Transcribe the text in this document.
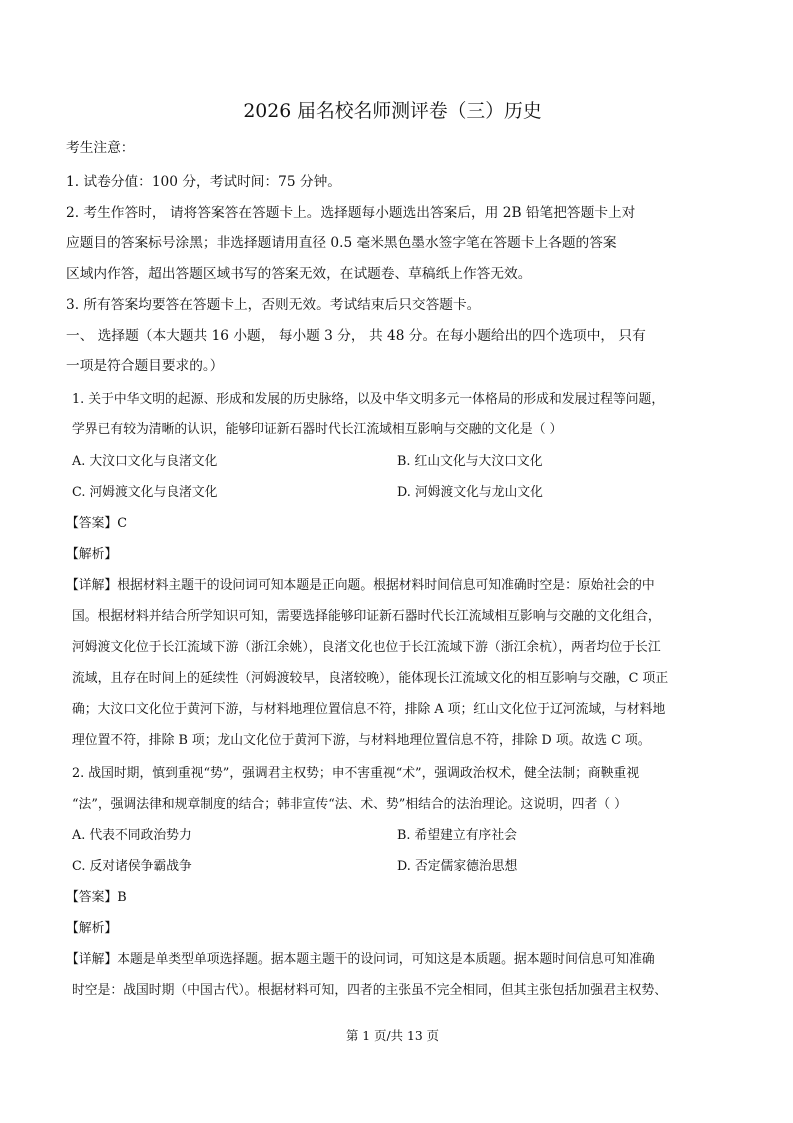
2026 届名校名师测评卷（三）历史
考生注意：
1. 试卷分值：100 分，考试时间：75 分钟。
2. 考生作答时， 请将答案答在答题卡上。选择题每小题选出答案后，用 2B 铅笔把答题卡上对
应题目的答案标号涂黑；非选择题请用直径 0.5 毫米黑色墨水签字笔在答题卡上各题的答案
区域内作答，超出答题区域书写的答案无效，在试题卷、草稿纸上作答无效。
3. 所有答案均要答在答题卡上，否则无效。考试结束后只交答题卡。
一、 选择题（本大题共 16 小题， 每小题 3 分， 共 48 分。在每小题给出的四个选项中， 只有
一项是符合题目要求的。）
1. 关于中华文明的起源、形成和发展的历史脉络，以及中华文明多元一体格局的形成和发展过程等问题，
学界已有较为清晰的认识，能够印证新石器时代长江流域相互影响与交融的文化是（ ）
A. 大汶口文化与良渚文化	B. 红山文化与大汶口文化
C. 河姆渡文化与良渚文化	D. 河姆渡文化与龙山文化
【答案】C
【解析】
【详解】根据材料主题干的设问词可知本题是正向题。根据材料时间信息可知准确时空是：原始社会的中
国。根据材料并结合所学知识可知，需要选择能够印证新石器时代长江流域相互影响与交融的文化组合，
河姆渡文化位于长江流域下游（浙江余姚），良渚文化也位于长江流域下游（浙江余杭），两者均位于长江
流域，且存在时间上的延续性（河姆渡较早，良渚较晚），能体现长江流域文化的相互影响与交融，C 项正
确；大汶口文化位于黄河下游，与材料地理位置信息不符，排除 A 项；红山文化位于辽河流域，与材料地
理位置不符，排除 B 项；龙山文化位于黄河下游，与材料地理位置信息不符，排除 D 项。故选 C 项。
2. 战国时期，慎到重视“势”，强调君主权势；申不害重视“术”，强调政治权术，健全法制；商鞅重视
“法”，强调法律和规章制度的结合；韩非宣传“法、术、势”相结合的法治理论。这说明，四者（ ）
A. 代表不同政治势力	B. 希望建立有序社会
C. 反对诸侯争霸战争	D. 否定儒家德治思想
【答案】B
【解析】
【详解】本题是单类型单项选择题。据本题主题干的设问词，可知这是本质题。据本题时间信息可知准确
时空是：战国时期（中国古代）。根据材料可知，四者的主张虽不完全相同，但其主张包括加强君主权势、
第 1 页/共 13 页
